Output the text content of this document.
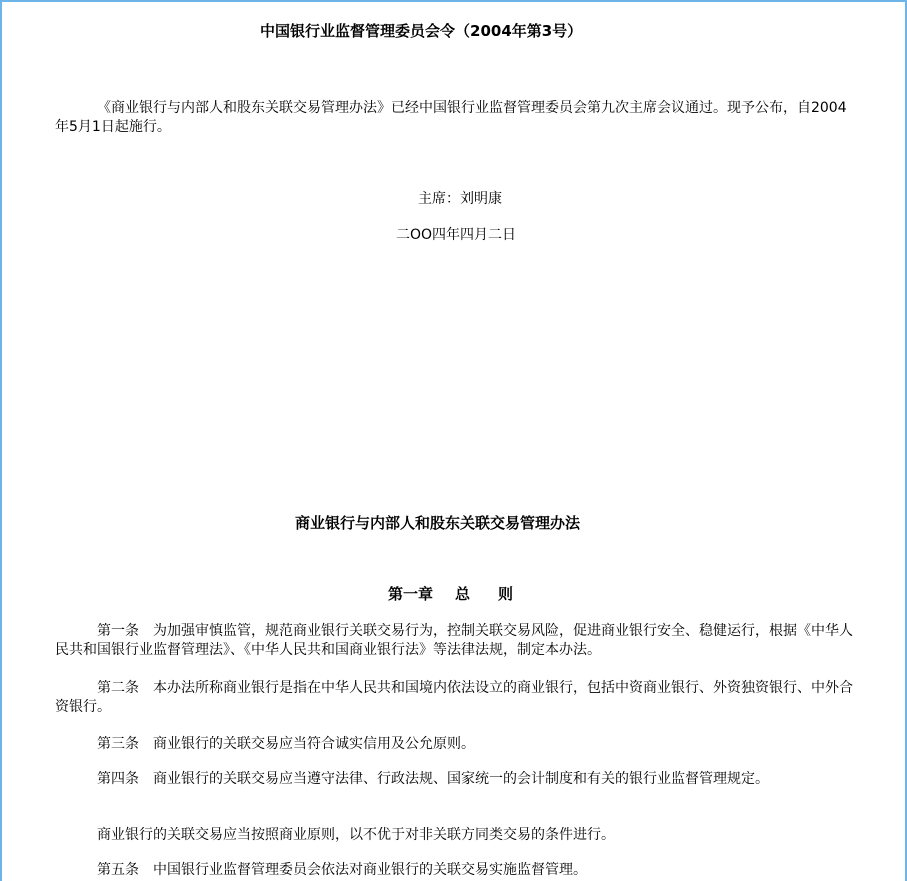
中国银行业监督管理委员会令（2004年第3号）
《商业银行与内部人和股东关联交易管理办法》已经中国银行业监督管理委员会第九次主席会议通过。现予公布，自2004年5月1日起施行。
主席：刘明康
二OO四年四月二日
商业银行与内部人和股东关联交易管理办法
第一章 总 则
第一条　为加强审慎监管，规范商业银行关联交易行为，控制关联交易风险，促进商业银行安全、稳健运行，根据《中华人民共和国银行业监督管理法》、《中华人民共和国商业银行法》等法律法规，制定本办法。
第二条　本办法所称商业银行是指在中华人民共和国境内依法设立的商业银行，包括中资商业银行、外资独资银行、中外合资银行。
第三条　商业银行的关联交易应当符合诚实信用及公允原则。
第四条　商业银行的关联交易应当遵守法律、行政法规、国家统一的会计制度和有关的银行业监督管理规定。
商业银行的关联交易应当按照商业原则，以不优于对非关联方同类交易的条件进行。
第五条　中国银行业监督管理委员会依法对商业银行的关联交易实施监督管理。
